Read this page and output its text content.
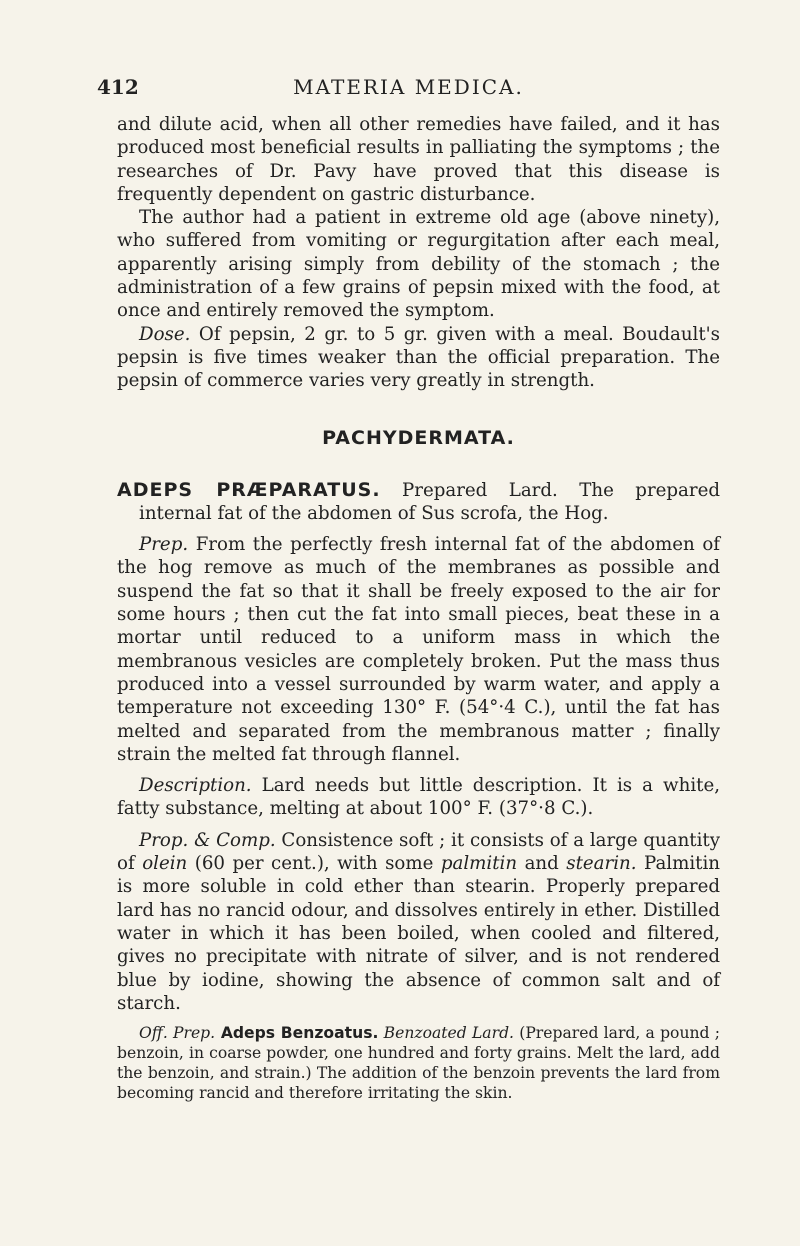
412	MATERIA MEDICA.

and dilute acid, when all other remedies have failed, and it has produced most beneficial results in palliating the symptoms ; the researches of Dr. Pavy have proved that this disease is frequently dependent on gastric disturbance.

The author had a patient in extreme old age (above ninety), who suffered from vomiting or regurgitation after each meal, apparently arising simply from debility of the stomach ; the administration of a few grains of pepsin mixed with the food, at once and entirely removed the symptom.

Dose. Of pepsin, 2 gr. to 5 gr. given with a meal. Boudault's pepsin is five times weaker than the official preparation. The pepsin of commerce varies very greatly in strength.

PACHYDERMATA.

ADEPS PRÆPARATUS. Prepared Lard. The prepared internal fat of the abdomen of Sus scrofa, the Hog.

Prep. From the perfectly fresh internal fat of the abdomen of the hog remove as much of the membranes as possible and suspend the fat so that it shall be freely exposed to the air for some hours ; then cut the fat into small pieces, beat these in a mortar until reduced to a uniform mass in which the membranous vesicles are completely broken. Put the mass thus produced into a vessel surrounded by warm water, and apply a temperature not exceeding 130° F. (54°·4 C.), until the fat has melted and separated from the membranous matter ; finally strain the melted fat through flannel.

Description. Lard needs but little description. It is a white, fatty substance, melting at about 100° F. (37°·8 C.).

Prop. & Comp. Consistence soft ; it consists of a large quantity of olein (60 per cent.), with some palmitin and stearin. Palmitin is more soluble in cold ether than stearin. Properly prepared lard has no rancid odour, and dissolves entirely in ether. Distilled water in which it has been boiled, when cooled and filtered, gives no precipitate with nitrate of silver, and is not rendered blue by iodine, showing the absence of common salt and of starch.

Off. Prep. Adeps Benzoatus. Benzoated Lard. (Prepared lard, a pound ; benzoin, in coarse powder, one hundred and forty grains. Melt the lard, add the benzoin, and strain.) The addition of the benzoin prevents the lard from becoming rancid and therefore irritating the skin.
